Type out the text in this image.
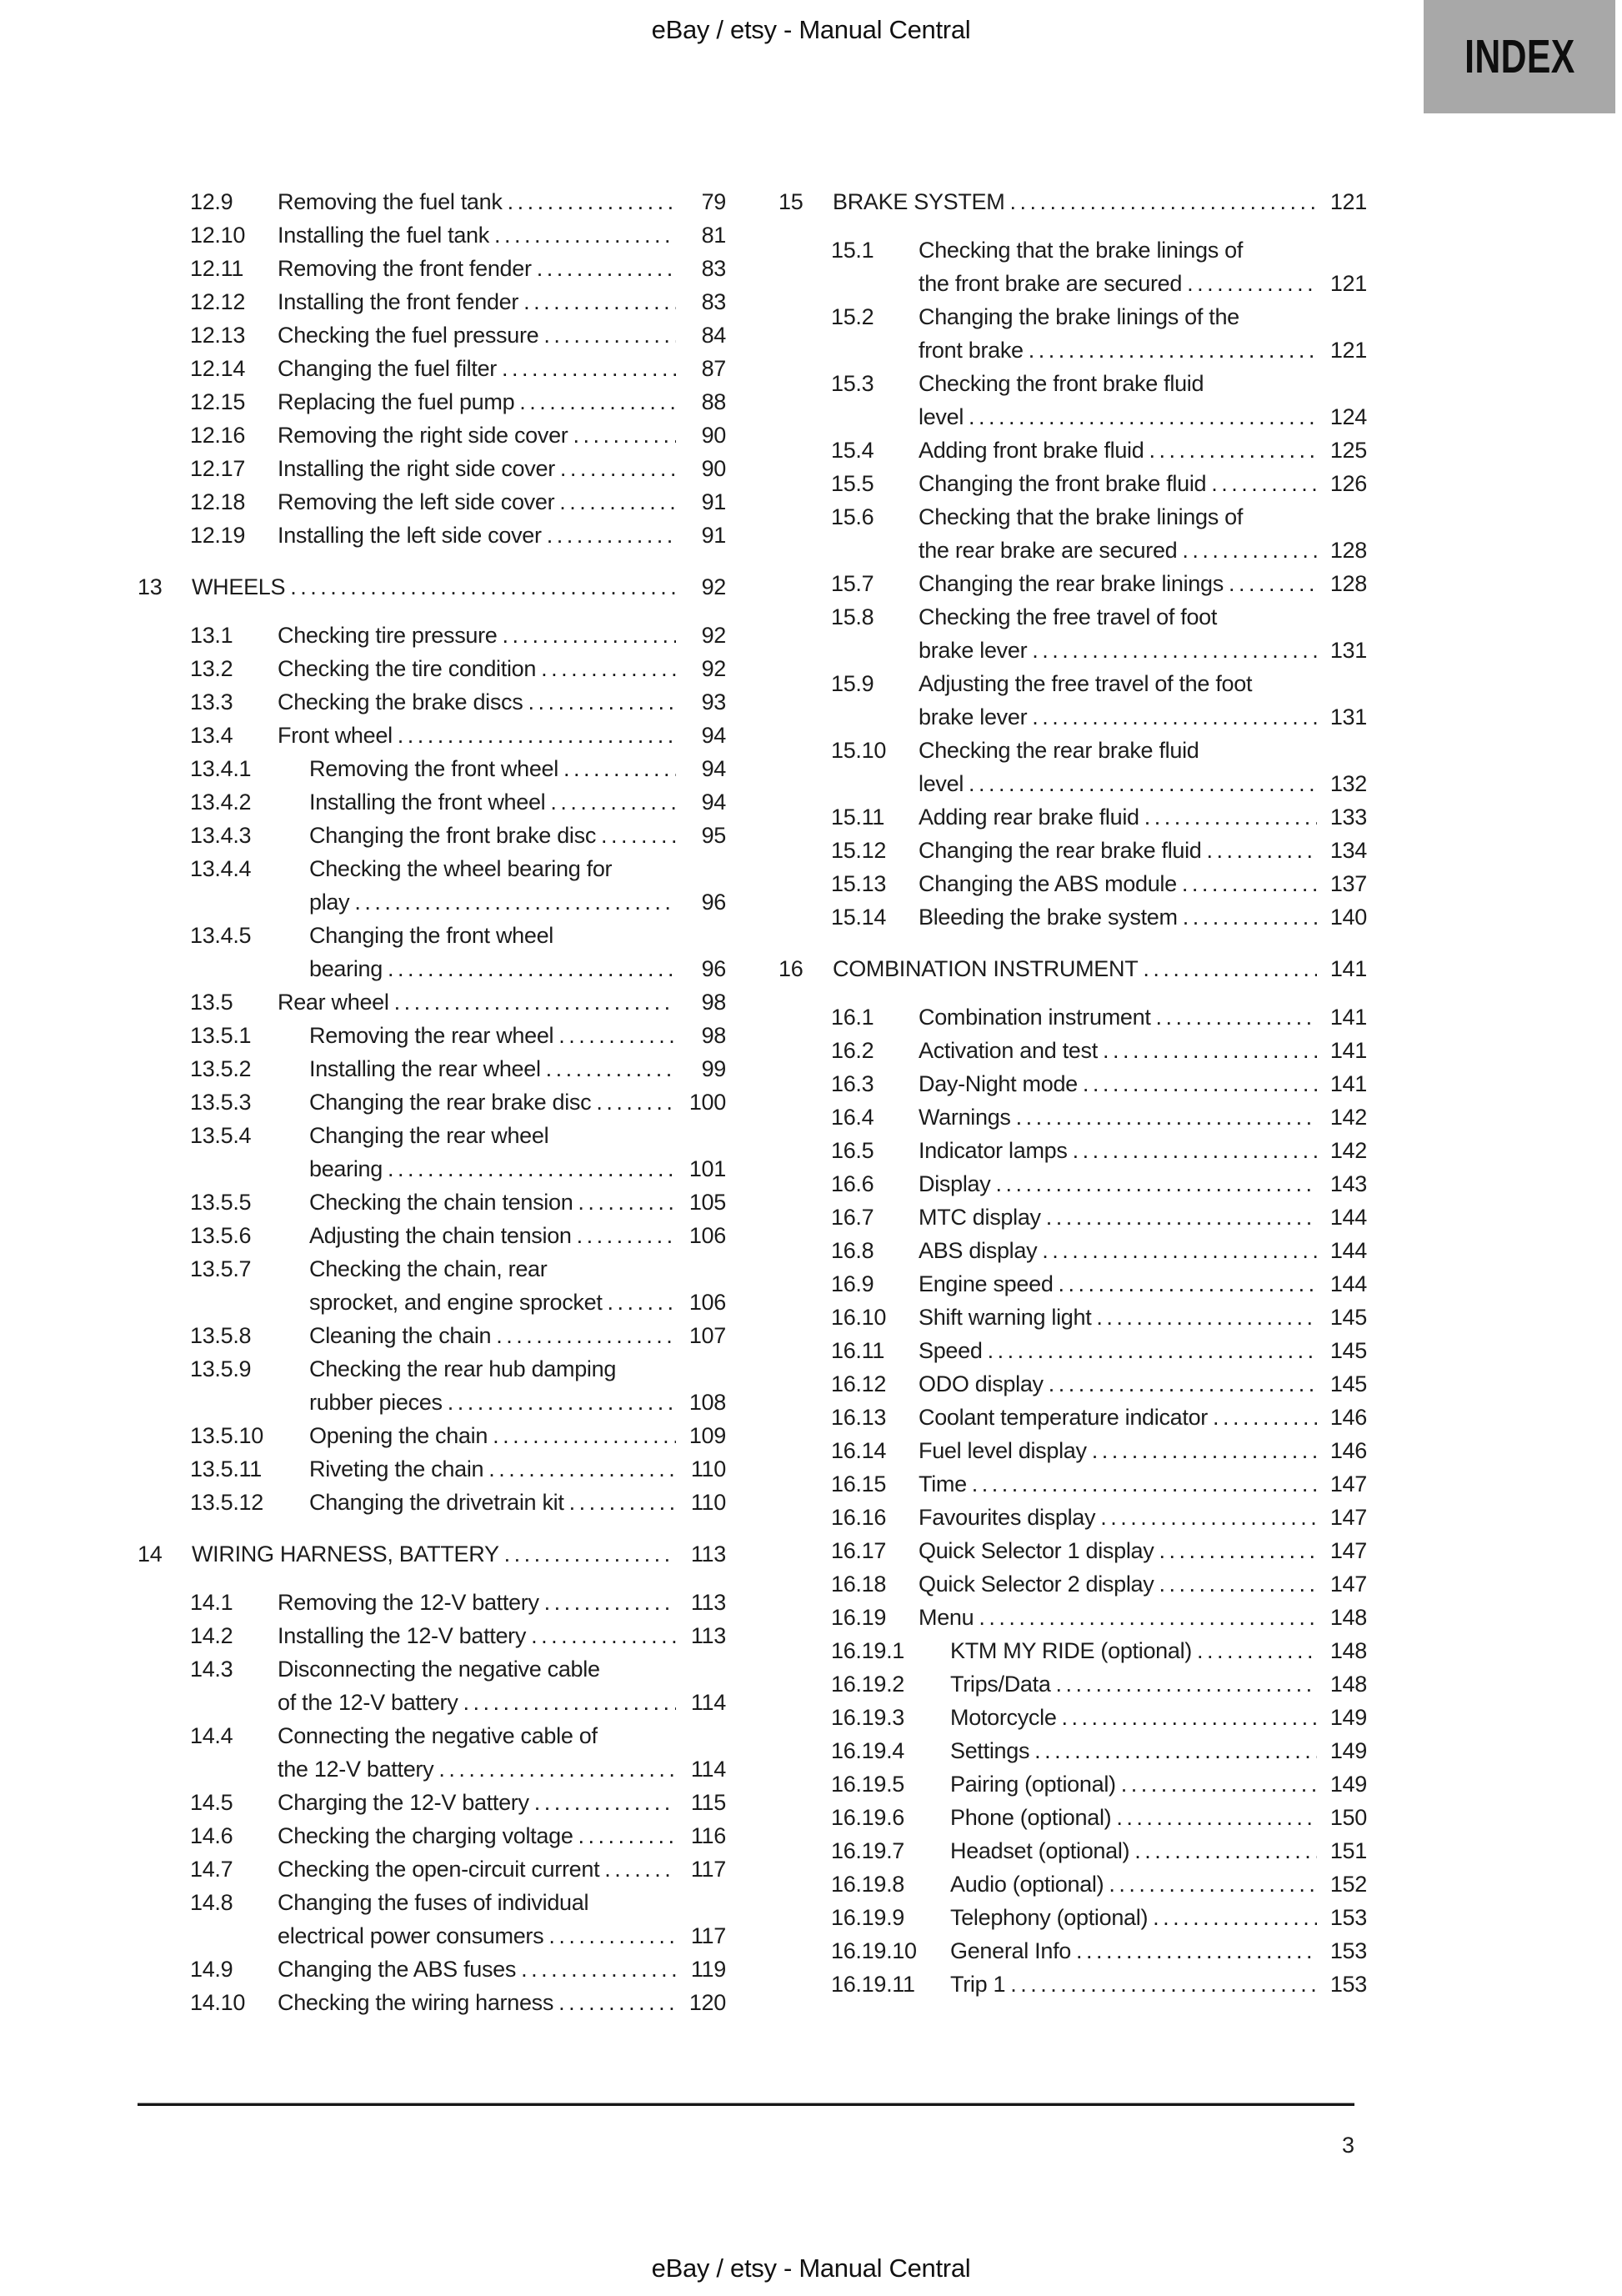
eBay / etsy - Manual Central
INDEX
12.9	Removing the fuel tank .....	79
12.10	Installing the fuel tank .....	81
12.11	Removing the front fender .....	83
12.12	Installing the front fender .....	83
12.13	Checking the fuel pressure .....	84
12.14	Changing the fuel filter .....	87
12.15	Replacing the fuel pump .....	88
12.16	Removing the right side cover .....	90
12.17	Installing the right side cover .....	90
12.18	Removing the left side cover .....	91
12.19	Installing the left side cover .....	91
13	WHEELS .....	92
13.1	Checking tire pressure .....	92
13.2	Checking the tire condition .....	92
13.3	Checking the brake discs .....	93
13.4	Front wheel .....	94
13.4.1	Removing the front wheel .....	94
13.4.2	Installing the front wheel .....	94
13.4.3	Changing the front brake disc .....	95
13.4.4	Checking the wheel bearing for
play .....	96
13.4.5	Changing the front wheel
bearing .....	96
13.5	Rear wheel .....	98
13.5.1	Removing the rear wheel .....	98
13.5.2	Installing the rear wheel .....	99
13.5.3	Changing the rear brake disc .....	100
13.5.4	Changing the rear wheel
bearing .....	101
13.5.5	Checking the chain tension .....	105
13.5.6	Adjusting the chain tension .....	106
13.5.7	Checking the chain, rear
sprocket, and engine sprocket .....	106
13.5.8	Cleaning the chain .....	107
13.5.9	Checking the rear hub damping
rubber pieces .....	108
13.5.10	Opening the chain .....	109
13.5.11	Riveting the chain .....	110
13.5.12	Changing the drivetrain kit .....	110
14	WIRING HARNESS, BATTERY .....	113
14.1	Removing the 12-V battery .....	113
14.2	Installing the 12-V battery .....	113
14.3	Disconnecting the negative cable
of the 12-V battery .....	114
14.4	Connecting the negative cable of
the 12-V battery .....	114
14.5	Charging the 12-V battery .....	115
14.6	Checking the charging voltage .....	116
14.7	Checking the open-circuit current .....	117
14.8	Changing the fuses of individual
electrical power consumers .....	117
14.9	Changing the ABS fuses .....	119
14.10	Checking the wiring harness .....	120
15	BRAKE SYSTEM .....	121
15.1	Checking that the brake linings of
the front brake are secured .....	121
15.2	Changing the brake linings of the
front brake .....	121
15.3	Checking the front brake fluid
level .....	124
15.4	Adding front brake fluid .....	125
15.5	Changing the front brake fluid .....	126
15.6	Checking that the brake linings of
the rear brake are secured .....	128
15.7	Changing the rear brake linings .....	128
15.8	Checking the free travel of foot
brake lever .....	131
15.9	Adjusting the free travel of the foot
brake lever .....	131
15.10	Checking the rear brake fluid
level .....	132
15.11	Adding rear brake fluid .....	133
15.12	Changing the rear brake fluid .....	134
15.13	Changing the ABS module .....	137
15.14	Bleeding the brake system .....	140
16	COMBINATION INSTRUMENT .....	141
16.1	Combination instrument .....	141
16.2	Activation and test .....	141
16.3	Day-Night mode .....	141
16.4	Warnings .....	142
16.5	Indicator lamps .....	142
16.6	Display .....	143
16.7	MTC display .....	144
16.8	ABS display .....	144
16.9	Engine speed .....	144
16.10	Shift warning light .....	145
16.11	Speed .....	145
16.12	ODO display .....	145
16.13	Coolant temperature indicator .....	146
16.14	Fuel level display .....	146
16.15	Time .....	147
16.16	Favourites display .....	147
16.17	Quick Selector 1 display .....	147
16.18	Quick Selector 2 display .....	147
16.19	Menu .....	148
16.19.1	KTM MY RIDE (optional) .....	148
16.19.2	Trips/Data .....	148
16.19.3	Motorcycle .....	149
16.19.4	Settings .....	149
16.19.5	Pairing (optional) .....	149
16.19.6	Phone (optional) .....	150
16.19.7	Headset (optional) .....	151
16.19.8	Audio (optional) .....	152
16.19.9	Telephony (optional) .....	153
16.19.10	General Info .....	153
16.19.11	Trip 1 .....	153
3
eBay / etsy - Manual Central
